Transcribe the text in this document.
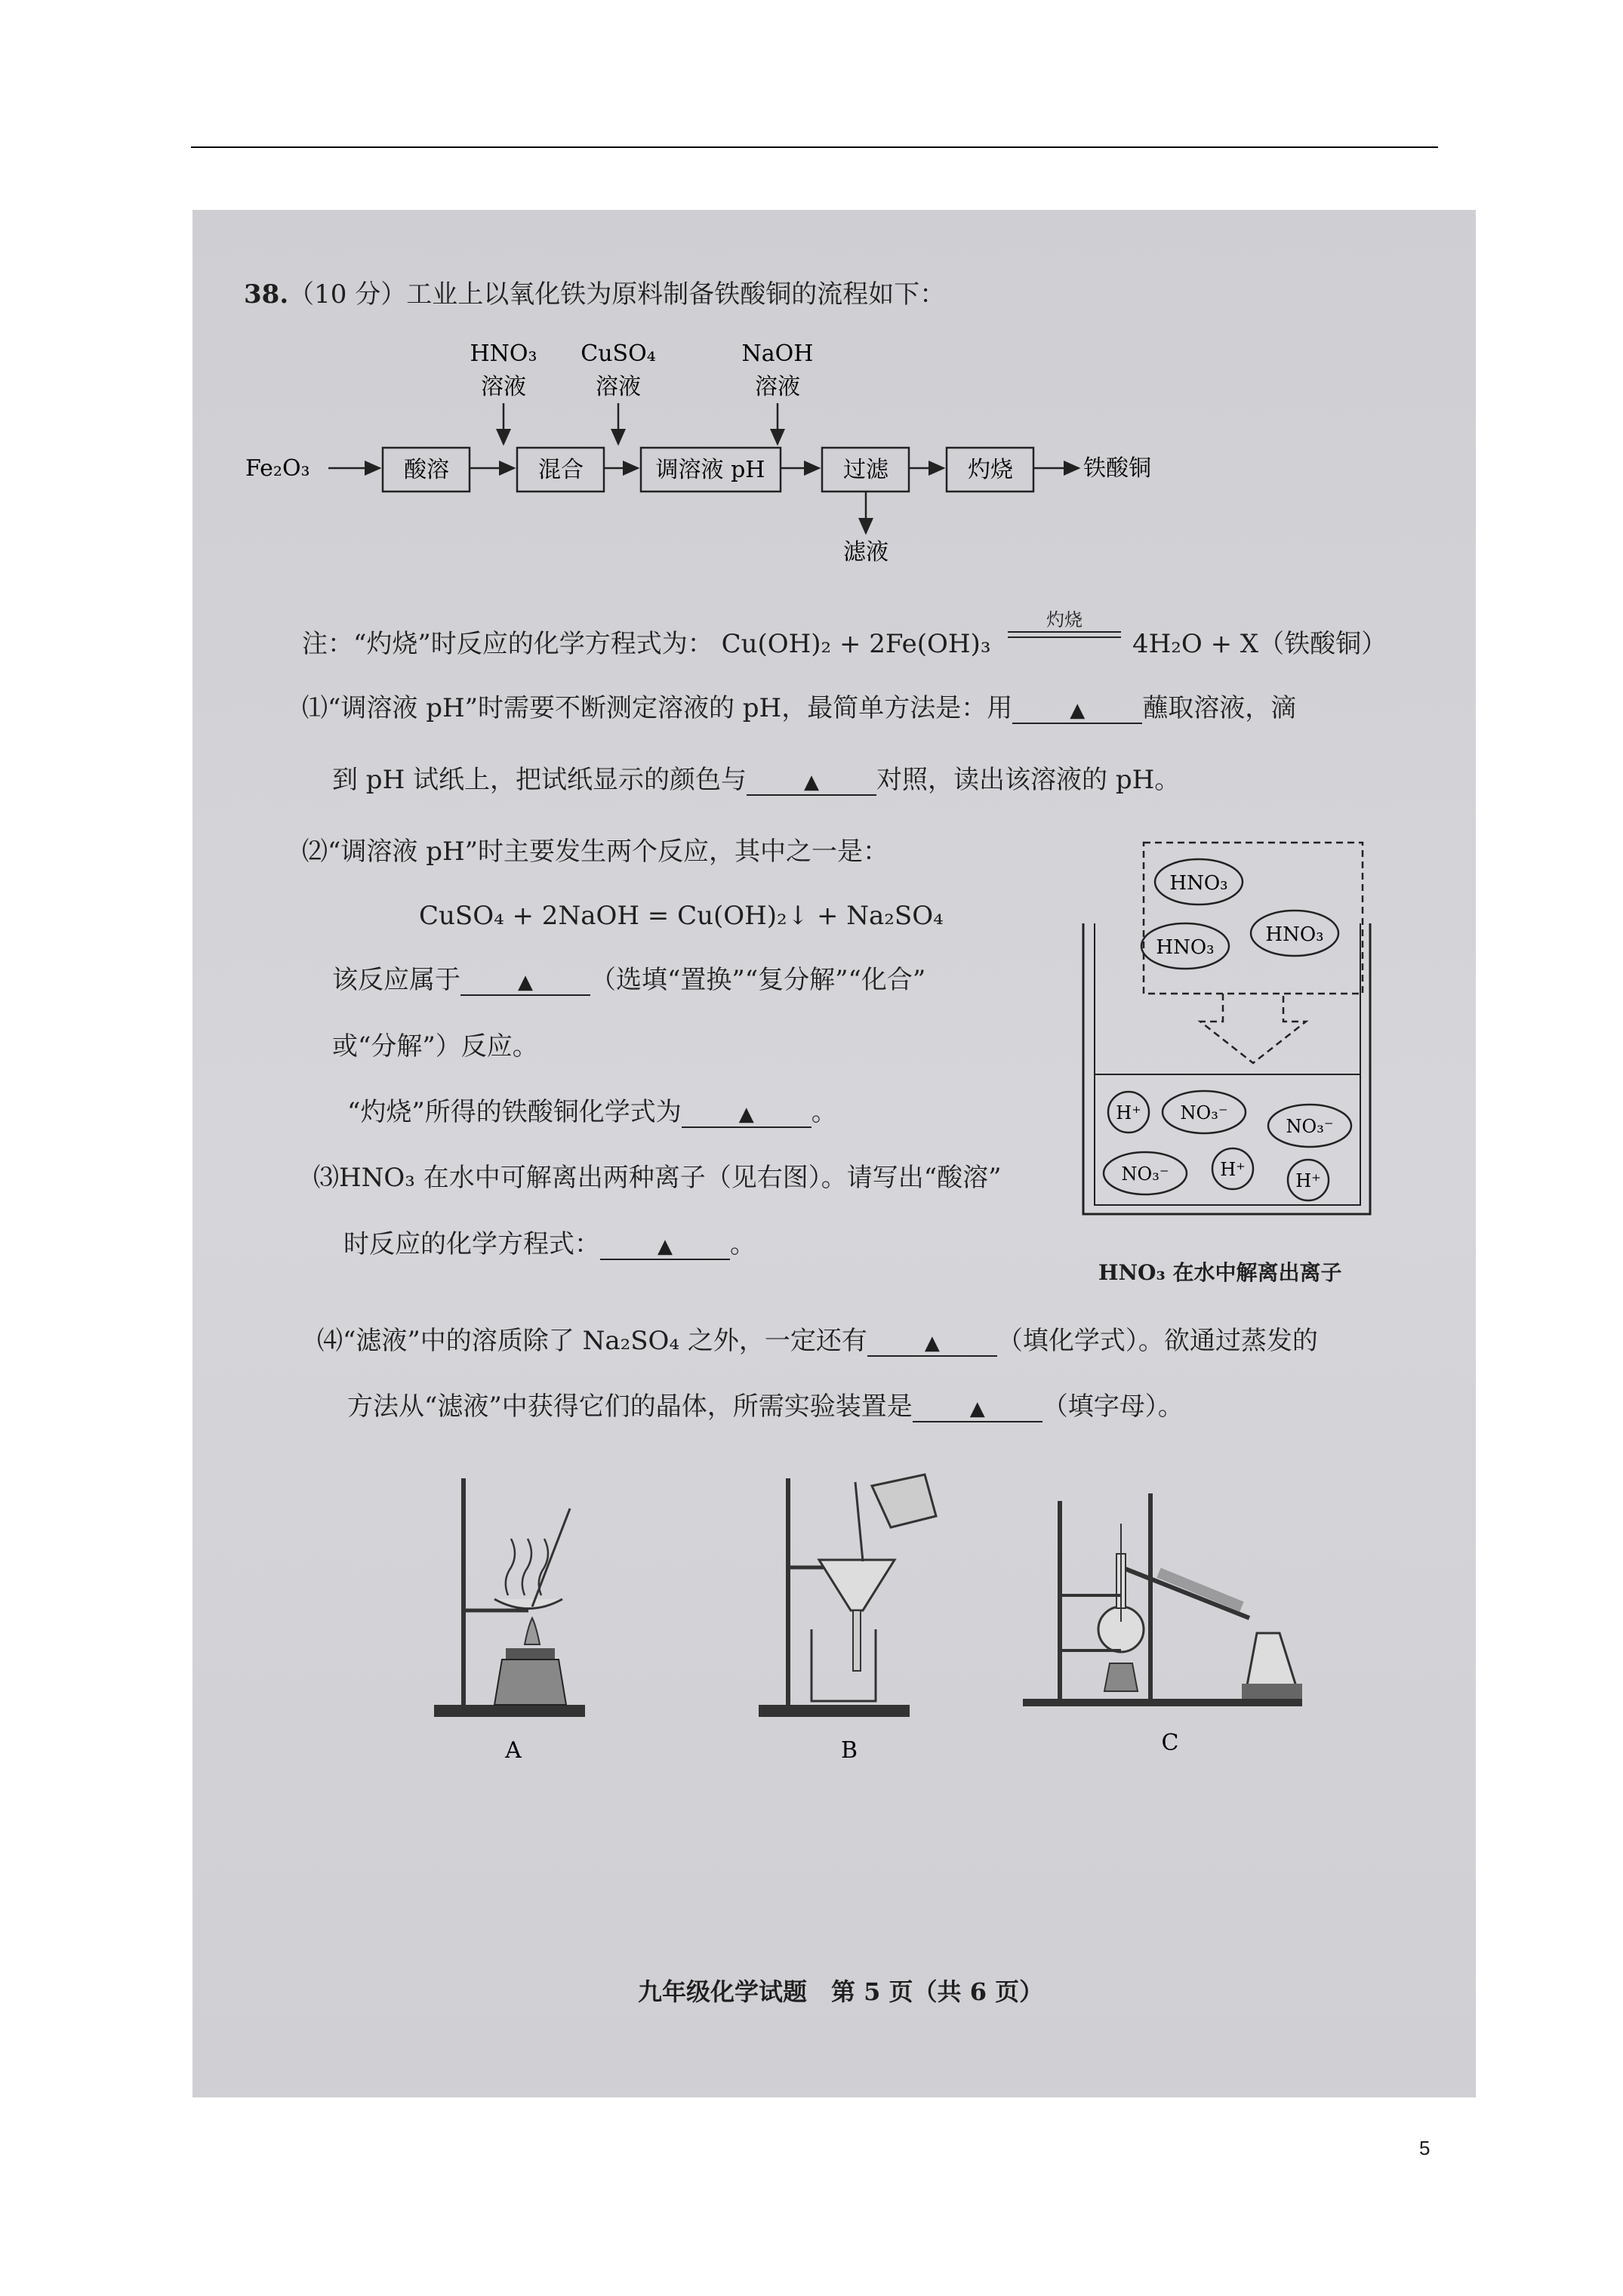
38.（10 分）工业上以氧化铁为原料制备铁酸铜的流程如下：
HNO₃
溶液
CuSO₄
溶液
NaOH
溶液
Fe₂O₃	酸溶	混合	调溶液 pH	过滤
滤液
灼烧	铁酸铜
注：“灼烧”时反应的化学方程式为： Cu(OH)₂ + 2Fe(OH)₃
灼烧
4H₂O + X（铁酸铜）
⑴“调溶液 pH”时需要不断测定溶液的 pH，最简单方法是：用	▲ 蘸取溶液，滴
到 pH 试纸上，把试纸显示的颜色与	▲ 对照，读出该溶液的 pH。
⑵“调溶液 pH”时主要发生两个反应，其中之一是：
CuSO₄ + 2NaOH = Cu(OH)₂↓ + Na₂SO₄
该反应属于	▲ （选填“置换”“复分解”“化合”
或“分解”）反应。
“灼烧”所得的铁酸铜化学式为	▲ 。
⑶HNO₃ 在水中可解离出两种离子（见右图）。请写出“酸溶”
时反应的化学方程式：	▲ 。
HNO₃
HNO₃
HNO₃
H⁺ NO₃⁻
NO₃⁻
NO₃⁻	H⁺
H⁺
HNO₃ 在水中解离出离子
⑷“滤液”中的溶质除了 Na₂SO₄ 之外，一定还有	▲ （填化学式）。欲通过蒸发的
方法从“滤液”中获得它们的晶体，所需实验装置是	▲ （填字母）。
A	B	C
九年级化学试题　第 5 页（共 6 页）
5
